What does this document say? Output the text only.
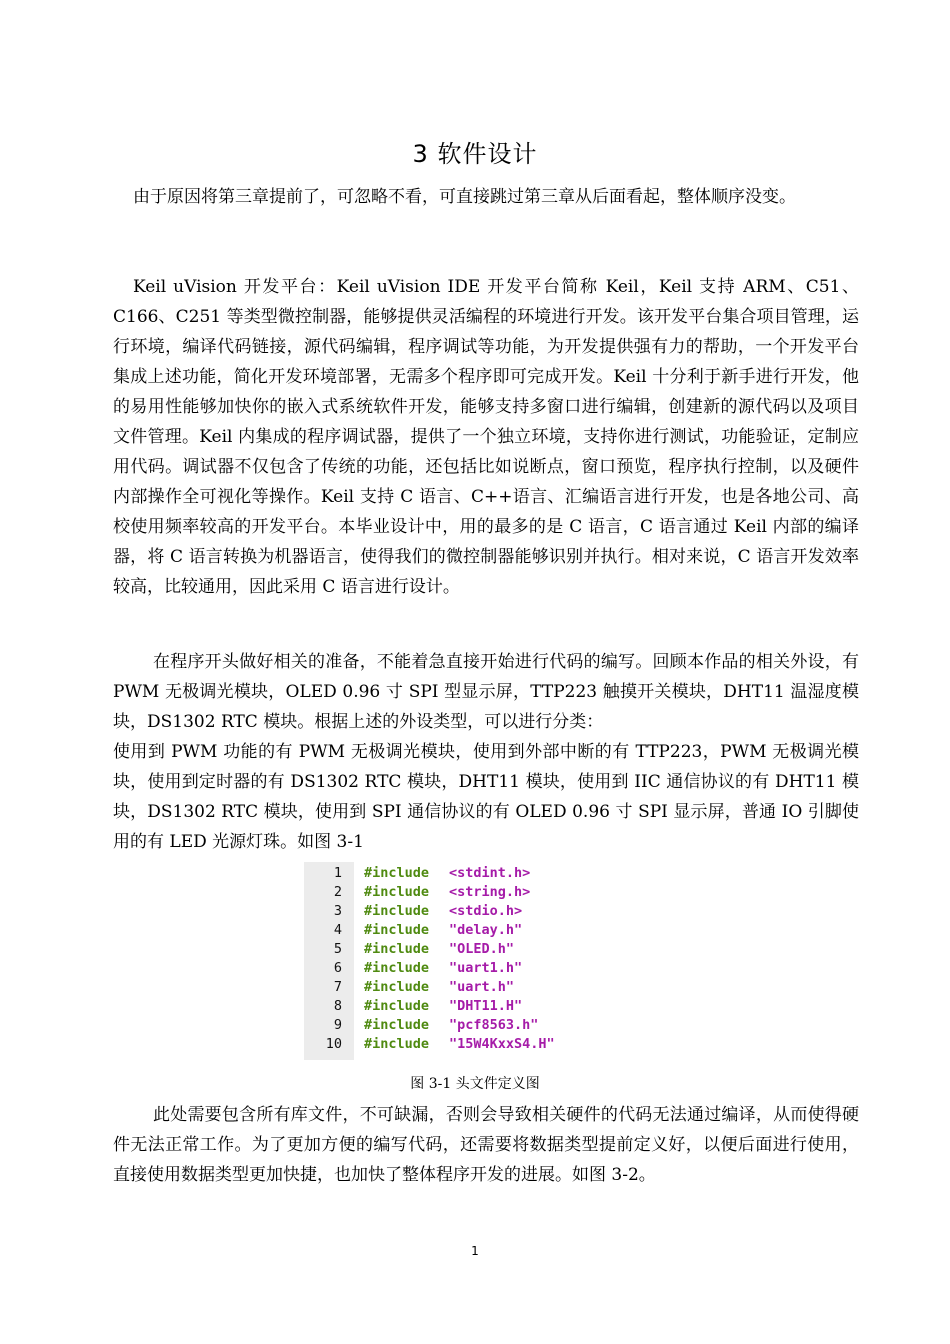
3 软件设计

由于原因将第三章提前了，可忽略不看，可直接跳过第三章从后面看起，整体顺序没变。

Keil uVision 开发平台：Keil uVision IDE 开发平台简称 Keil，Keil 支持 ARM、C51、C166、C251 等类型微控制器，能够提供灵活编程的环境进行开发。该开发平台集合项目管理，运行环境，编译代码链接，源代码编辑，程序调试等功能，为开发提供强有力的帮助，一个开发平台集成上述功能，简化开发环境部署，无需多个程序即可完成开发。Keil 十分利于新手进行开发，他的易用性能够加快你的嵌入式系统软件开发，能够支持多窗口进行编辑，创建新的源代码以及项目文件管理。Keil 内集成的程序调试器，提供了一个独立环境，支持你进行测试，功能验证，定制应用代码。调试器不仅包含了传统的功能，还包括比如说断点，窗口预览，程序执行控制，以及硬件内部操作全可视化等操作。Keil 支持 C 语言、C++语言、汇编语言进行开发，也是各地公司、高校使用频率较高的开发平台。本毕业设计中，用的最多的是 C 语言，C 语言通过 Keil 内部的编译器，将 C 语言转换为机器语言，使得我们的微控制器能够识别并执行。相对来说，C 语言开发效率较高，比较通用，因此采用 C 语言进行设计。

在程序开头做好相关的准备，不能着急直接开始进行代码的编写。回顾本作品的相关外设，有 PWM 无极调光模块，OLED 0.96 寸 SPI 型显示屏，TTP223 触摸开关模块，DHT11 温湿度模块，DS1302 RTC 模块。根据上述的外设类型，可以进行分类：

使用到 PWM 功能的有 PWM 无极调光模块，使用到外部中断的有 TTP223，PWM 无极调光模块，使用到定时器的有 DS1302 RTC 模块，DHT11 模块，使用到 IIC 通信协议的有 DHT11 模块，DS1302 RTC 模块，使用到 SPI 通信协议的有 OLED 0.96 寸 SPI 显示屏，普通 IO 引脚使用的有 LED 光源灯珠。如图 3-1

1 #include <stdint.h>
2 #include <string.h>
3 #include <stdio.h>
4 #include "delay.h"
5 #include "OLED.h"
6 #include "uart1.h"
7 #include "uart.h"
8 #include "DHT11.H"
9 #include "pcf8563.h"
10 #include "15W4KxxS4.H"
图 3-1 头文件定义图

此处需要包含所有库文件，不可缺漏，否则会导致相关硬件的代码无法通过编译，从而使得硬件无法正常工作。为了更加方便的编写代码，还需要将数据类型提前定义好，以便后面进行使用，直接使用数据类型更加快捷，也加快了整体程序开发的进展。如图 3-2。

1
